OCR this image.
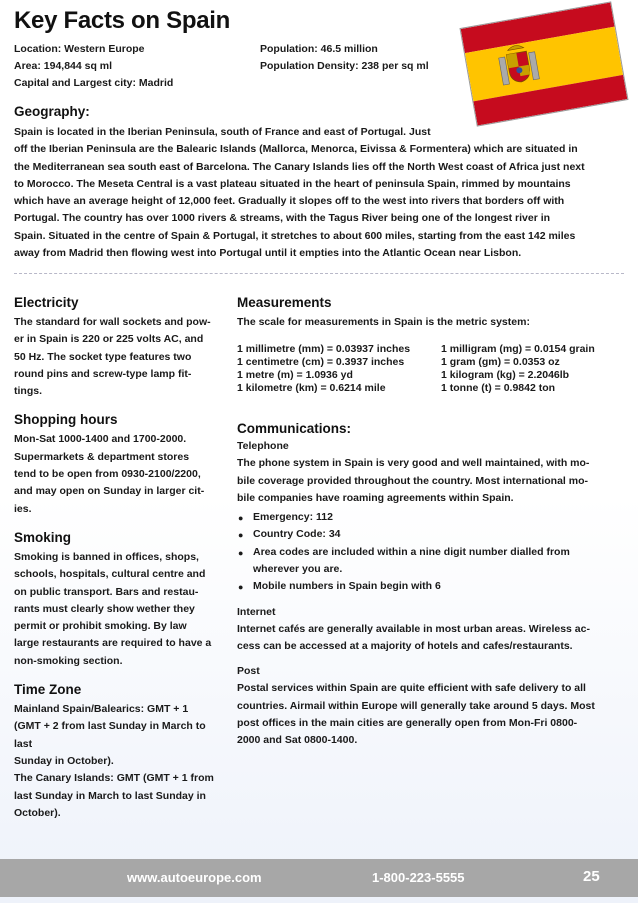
Key Facts on Spain
Location: Western Europe
Area: 194,844 sq ml
Capital and Largest city: Madrid
Population: 46.5 million
Population Density: 238 per sq ml
Geography:
Spain is located in the Iberian Peninsula, south of France and east of Portugal. Just
off the Iberian Peninsula are the Balearic Islands (Mallorca, Menorca, Eivissa & Formentera) which are situated in
the Mediterranean sea south east of Barcelona. The Canary Islands lies off the North West coast of Africa just next
to Morocco. The Meseta Central is a vast plateau situated in the heart of peninsula Spain, rimmed by mountains
which have an average height of 12,000 feet. Gradually it slopes off to the west into rivers that borders off with
Portugal. The country has over 1000 rivers & streams, with the Tagus River being one of the longest river in
Spain. Situated in the centre of Spain & Portugal, it stretches to about 600 miles, starting from the east 142 miles
away from Madrid then flowing west into Portugal until it empties into the Atlantic Ocean near Lisbon.
Electricity
The standard for wall sockets and pow-
er in Spain is 220 or 225 volts AC, and
50 Hz. The socket type features two
round pins and screw-type lamp fit-
tings.
Shopping hours
Mon-Sat 1000-1400 and 1700-2000.
Supermarkets & department stores
tend to be open from 0930-2100/2200,
and may open on Sunday in larger cit-
ies.
Smoking
Smoking is banned in offices, shops,
schools, hospitals, cultural centre and
on public transport. Bars and restau-
rants must clearly show wether they
permit or prohibit smoking. By law
large restaurants are required to have a
non-smoking section.
Time Zone
Mainland Spain/Balearics: GMT + 1
(GMT + 2 from last Sunday in March to
last
Sunday in October).
The Canary Islands: GMT (GMT + 1 from
last Sunday in March to last Sunday in
October).
Measurements
The scale for measurements in Spain is the metric system:
1 millimetre (mm) = 0.03937 inches	1 milligram (mg) = 0.0154 grain
1 centimetre (cm) = 0.3937 inches	1 gram (gm) = 0.0353 oz
1 metre (m) = 1.0936 yd	1 kilogram (kg) = 2.2046lb
1 kilometre (km) = 0.6214 mile	1 tonne (t) = 0.9842 ton
Communications:
Telephone
The phone system in Spain is very good and well maintained, with mo-
bile coverage provided throughout the country. Most international mo-
bile companies have roaming agreements within Spain.
● Emergency: 112
● Country Code: 34
● Area codes are included within a nine digit number dialled from wherever you are.
● Mobile numbers in Spain begin with 6
Internet
Internet cafés are generally available in most urban areas. Wireless ac-
cess can be accessed at a majority of hotels and cafes/restaurants.
Post
Postal services within Spain are quite efficient with safe delivery to all
countries. Airmail within Europe will generally take around 5 days. Most
post offices in the main cities are generally open from Mon-Fri 0800-
2000 and Sat 0800-1400.
www.autoeurope.com	1-800-223-5555	25
